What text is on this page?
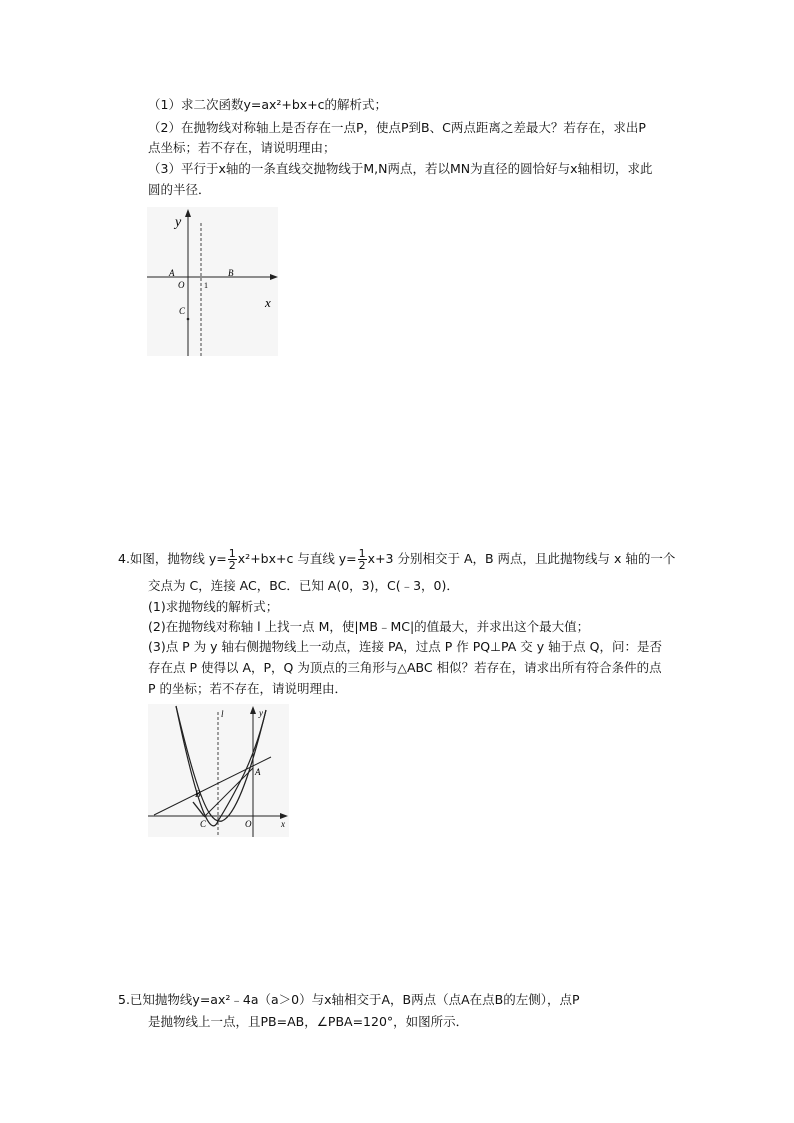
（1）求二次函数y=ax²+bx+c的解析式；
（2）在抛物线对称轴上是否存在一点P，使点P到B、C两点距离之差最大？若存在，求出P
点坐标；若不存在，请说明理由；
（3）平行于x轴的一条直线交抛物线于M,N两点，若以MN为直径的圆恰好与x轴相切，求此
圆的半径．
y
x
A
O 1
B
C
4.如图，抛物线 $y= \frac{1}{2} x^2+bx+c$ 与直线 $y= \frac{1}{2} x+3$ 分别相交于 A，B 两点，且此抛物线与 x 轴的一个
交点为 C，连接 AC，BC．已知 A(0，3)，C(﹣3，0)．
(1)求抛物线的解析式；
(2)在抛物线对称轴 l 上找一点 M，使|MB﹣MC|的值最大，并求出这个最大值；
(3)点 P 为 y 轴右侧抛物线上一动点，连接 PA，过点 P 作 PQ⊥PA 交 y 轴于点 Q，问：是否
存在点 P 使得以 A，P，Q 为顶点的三角形与△ABC 相似？若存在，请求出所有符合条件的点
P 的坐标；若不存在，请说明理由．
y
l
A
B
C	O	x
5.已知抛物线y=ax²﹣4a（a＞0）与x轴相交于A，B两点（点A在点B的左侧），点P
是抛物线上一点，且PB=AB，∠PBA=120°，如图所示．
